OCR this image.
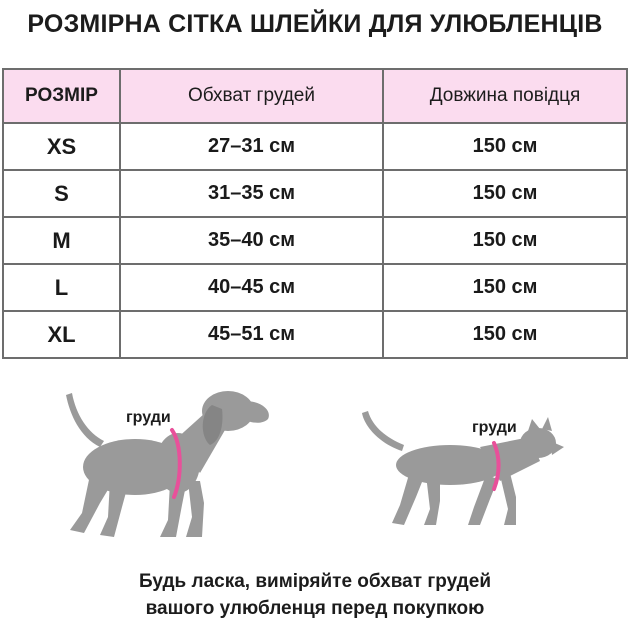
РОЗМІРНА СІТКА ШЛЕЙКИ ДЛЯ УЛЮБЛЕНЦІВ
РОЗМІР	Обхват грудей	Довжина повідця
XS	27–31 см	150 см
S	31–35 см	150 см
M	35–40 см	150 см
L	40–45 см	150 см
XL	45–51 см	150 см
груди
груди
Будь ласка, виміряйте обхват грудей
вашого улюбленця перед покупкою
